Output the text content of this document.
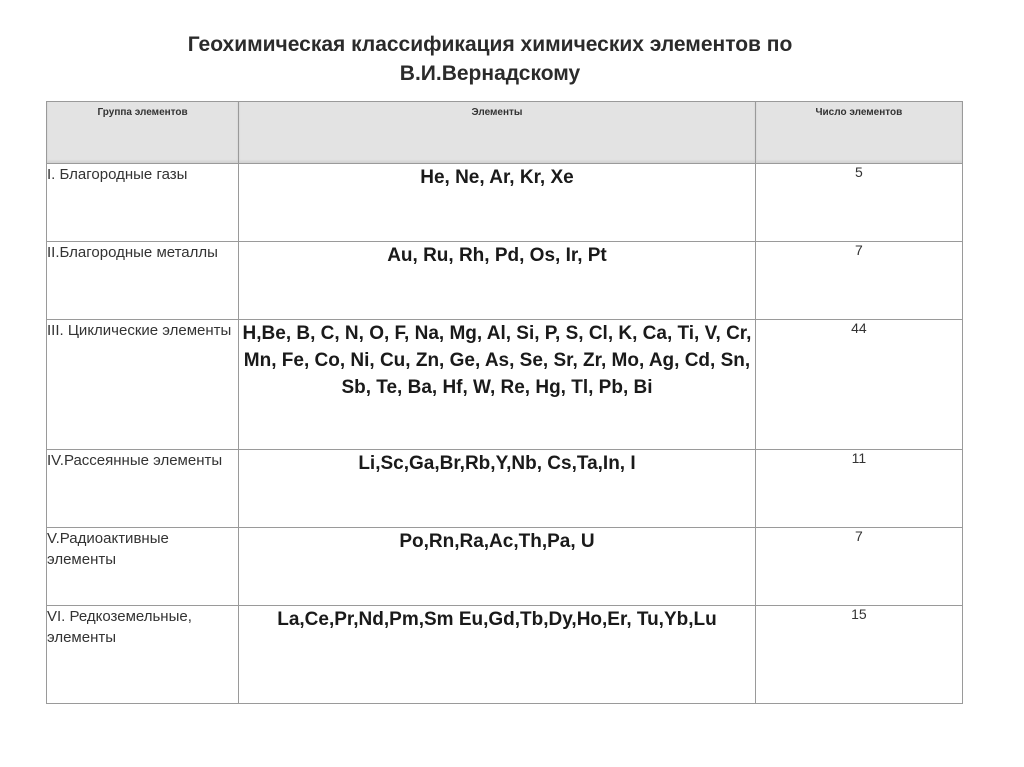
Геохимическая классификация химических элементов по В.И.Вернадскому
Группа элементов	Элементы	Число элементов
I. Благородные газы	He, Ne, Ar, Kr, Xe	5
II.Благородные металлы	Au, Ru, Rh, Pd, Os, Ir, Pt	7
III. Циклические элементы	H,Be, B, C, N, O, F, Na, Mg, Al, Si, P, S, Cl, K, Ca, Ti, V, Cr, Mn, Fe, Co, Ni, Cu, Zn, Ge, As, Se, Sr, Zr, Mo, Ag, Cd, Sn, Sb, Te, Ba, Hf, W, Re, Hg, Tl, Pb, Bi	44
IV.Рассеянные элементы	Li,Sc,Ga,Br,Rb,Y,Nb, Cs,Ta,In, I	11
V.Радиоактивные элементы	Po,Rn,Ra,Ac,Th,Pa, U	7
VI. Редкоземельные, элементы	La,Ce,Pr,Nd,Pm,Sm Eu,Gd,Tb,Dy,Ho,Er, Tu,Yb,Lu	15
